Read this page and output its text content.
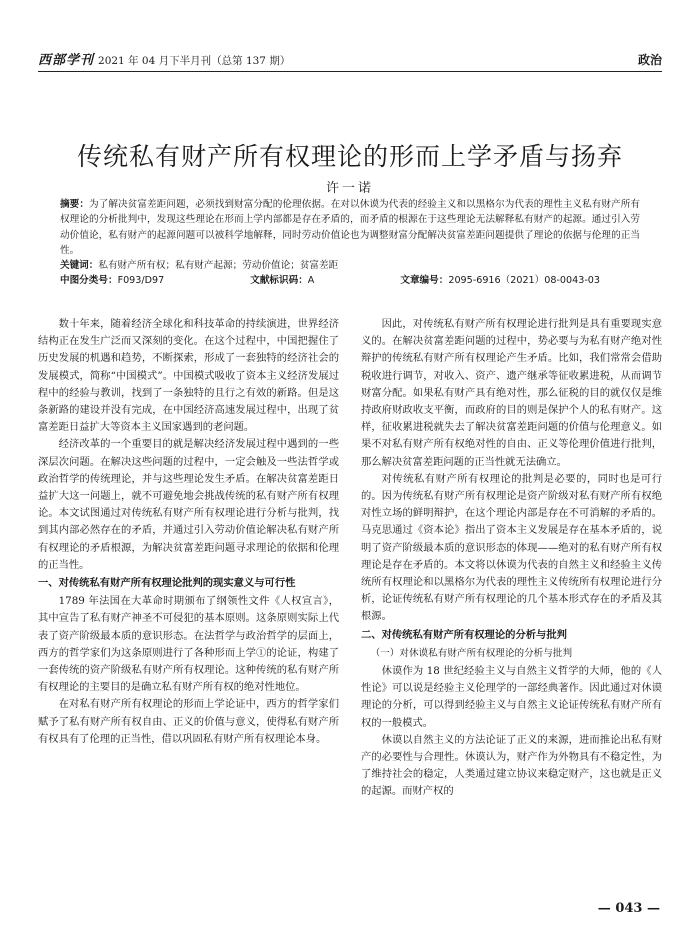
西部学刊 2021 年 04 月下半月刊（总第 137 期）	政治
传统私有财产所有权理论的形而上学矛盾与扬弃
许一诺
摘要：为了解决贫富差距问题，必须找到财富分配的伦理依据。在对以休谟为代表的经验主义和以黑格尔为代表的理性主义私有财产所有权理论的分析批判中，发现这些理论在形而上学内部都是存在矛盾的，而矛盾的根源在于这些理论无法解释私有财产的起源。通过引入劳动价值论，私有财产的起源问题可以被科学地解释，同时劳动价值论也为调整财富分配解决贫富差距问题提供了理论的依据与伦理的正当性。
关键词：私有财产所有权；私有财产起源；劳动价值论；贫富差距
中图分类号：F093/D97	文献标识码：A	文章编号：2095-6916（2021）08-0043-03

数十年来，随着经济全球化和科技革命的持续演进，世界经济结构正在发生广泛而又深刻的变化。在这个过程中，中国把握住了历史发展的机遇和趋势，不断探索，形成了一套独特的经济社会的发展模式，简称“中国模式”。中国模式吸收了资本主义经济发展过程中的经验与教训，找到了一条独特的且行之有效的新路。但是这条新路的建设并没有完成，在中国经济高速发展过程中，出现了贫富差距日益扩大等资本主义国家遇到的老问题。

经济改革的一个重要目的就是解决经济发展过程中遇到的一些深层次问题。在解决这些问题的过程中，一定会触及一些法哲学或政治哲学的传统理论，并与这些理论发生矛盾。在解决贫富差距日益扩大这一问题上，就不可避免地会挑战传统的私有财产所有权理论。本文试图通过对传统私有财产所有权理论进行分析与批判，找到其内部必然存在的矛盾，并通过引入劳动价值论解决私有财产所有权理论的矛盾根源，为解决贫富差距问题寻求理论的依据和伦理的正当性。

一、对传统私有财产所有权理论批判的现实意义与可行性

1789 年法国在大革命时期颁布了纲领性文件《人权宣言》，其中宣告了私有财产神圣不可侵犯的基本原则。这条原则实际上代表了资产阶级最本质的意识形态。在法哲学与政治哲学的层面上，西方的哲学家们为这条原则进行了各种形而上学①的论证，构建了一套传统的资产阶级私有财产所有权理论。这种传统的私有财产所有权理论的主要目的是确立私有财产所有权的绝对性地位。

在对私有财产所有权理论的形而上学论证中，西方的哲学家们赋予了私有财产所有权自由、正义的价值与意义，使得私有财产所有权具有了伦理的正当性，借以巩固私有财产所有权理论本身。

因此，对传统私有财产所有权理论进行批判是具有重要现实意义的。在解决贫富差距问题的过程中，势必要与为私有财产绝对性辩护的传统私有财产所有权理论产生矛盾。比如，我们常常会借助税收进行调节，对收入、资产、遗产继承等征收累进税，从而调节财富分配。如果私有财产具有绝对性，那么征税的目的就仅仅是维持政府财政收支平衡，而政府的目的则是保护个人的私有财产。这样，征收累进税就失去了解决贫富差距问题的价值与伦理意义。如果不对私有财产所有权绝对性的自由、正义等伦理价值进行批判，那么解决贫富差距问题的正当性就无法确立。

对传统私有财产所有权理论的批判是必要的，同时也是可行的。因为传统私有财产所有权理论是资产阶级对私有财产所有权绝对性立场的鲜明辩护，在这个理论内部是存在不可消解的矛盾的。马克思通过《资本论》指出了资本主义发展是存在基本矛盾的，说明了资产阶级最本质的意识形态的体现——绝对的私有财产所有权理论是存在矛盾的。本文将以休谟为代表的自然主义和经验主义传统所有权理论和以黑格尔为代表的理性主义传统所有权理论进行分析，论证传统私有财产所有权理论的几个基本形式存在的矛盾及其根源。

二、对传统私有财产所有权理论的分析与批判
（一）对休谟私有财产所有权理论的分析与批判

休谟作为 18 世纪经验主义与自然主义哲学的大师，他的《人性论》可以说是经验主义伦理学的一部经典著作。因此通过对休谟理论的分析，可以得到经验主义与自然主义论证传统私有财产所有权的一般模式。

休谟以自然主义的方法论证了正义的来源，进而推论出私有财产的必要性与合理性。休谟认为，财产作为外物具有不稳定性，为了维持社会的稳定，人类通过建立协议来稳定财产，这也就是正义的起源。而财产权的

— 043 —
